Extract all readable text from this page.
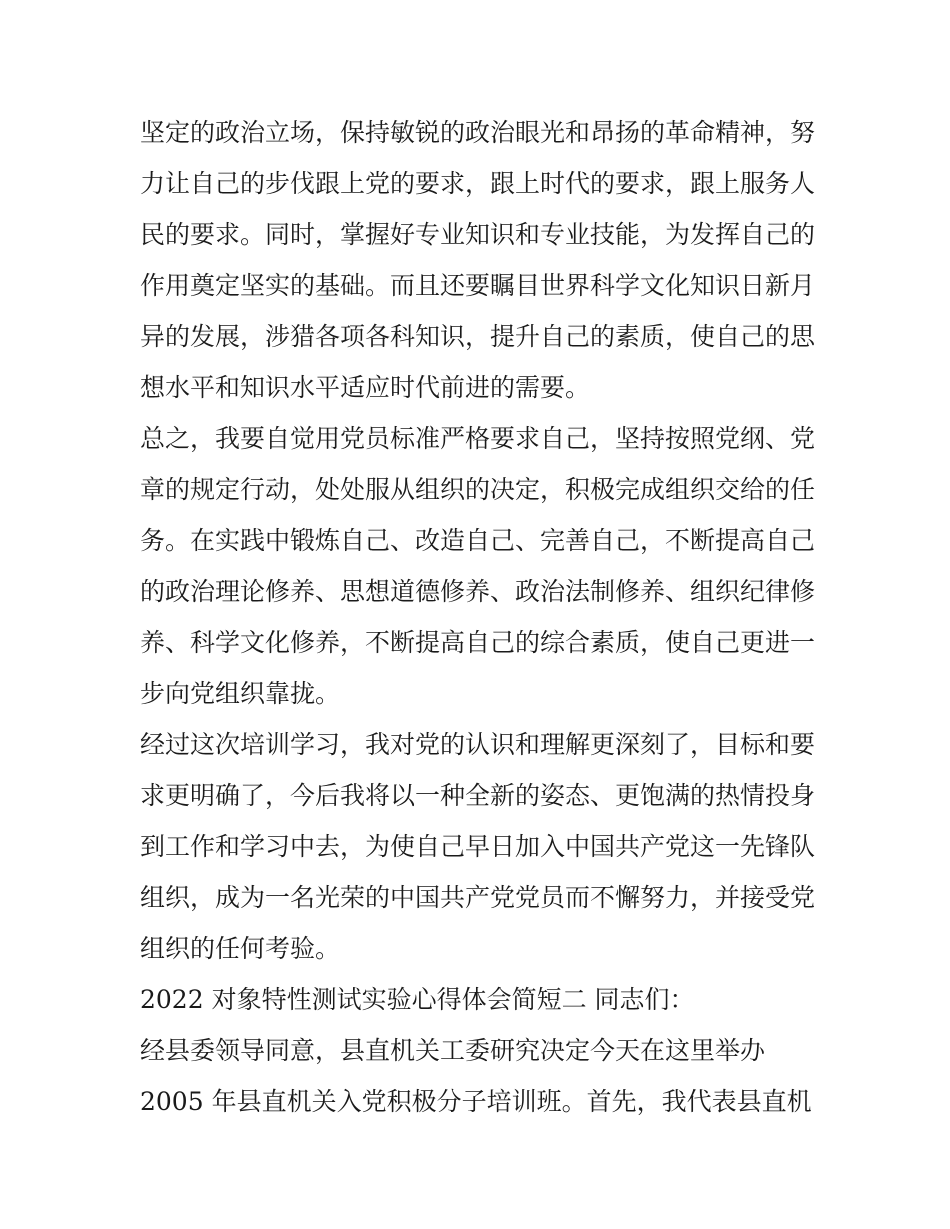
坚定的政治立场，保持敏锐的政治眼光和昂扬的革命精神，努
力让自己的步伐跟上党的要求，跟上时代的要求，跟上服务人
民的要求。同时，掌握好专业知识和专业技能，为发挥自己的
作用奠定坚实的基础。而且还要瞩目世界科学文化知识日新月
异的发展，涉猎各项各科知识，提升自己的素质，使自己的思
想水平和知识水平适应时代前进的需要。
总之，我要自觉用党员标准严格要求自己，坚持按照党纲、党
章的规定行动，处处服从组织的决定，积极完成组织交给的任
务。在实践中锻炼自己、改造自己、完善自己，不断提高自己
的政治理论修养、思想道德修养、政治法制修养、组织纪律修
养、科学文化修养，不断提高自己的综合素质，使自己更进一
步向党组织靠拢。
经过这次培训学习，我对党的认识和理解更深刻了，目标和要
求更明确了，今后我将以一种全新的姿态、更饱满的热情投身
到工作和学习中去，为使自己早日加入中国共产党这一先锋队
组织，成为一名光荣的中国共产党党员而不懈努力，并接受党
组织的任何考验。
2022 对象特性测试实验心得体会简短二 同志们：
经县委领导同意，县直机关工委研究决定今天在这里举办
2005 年县直机关入党积极分子培训班。首先，我代表县直机
